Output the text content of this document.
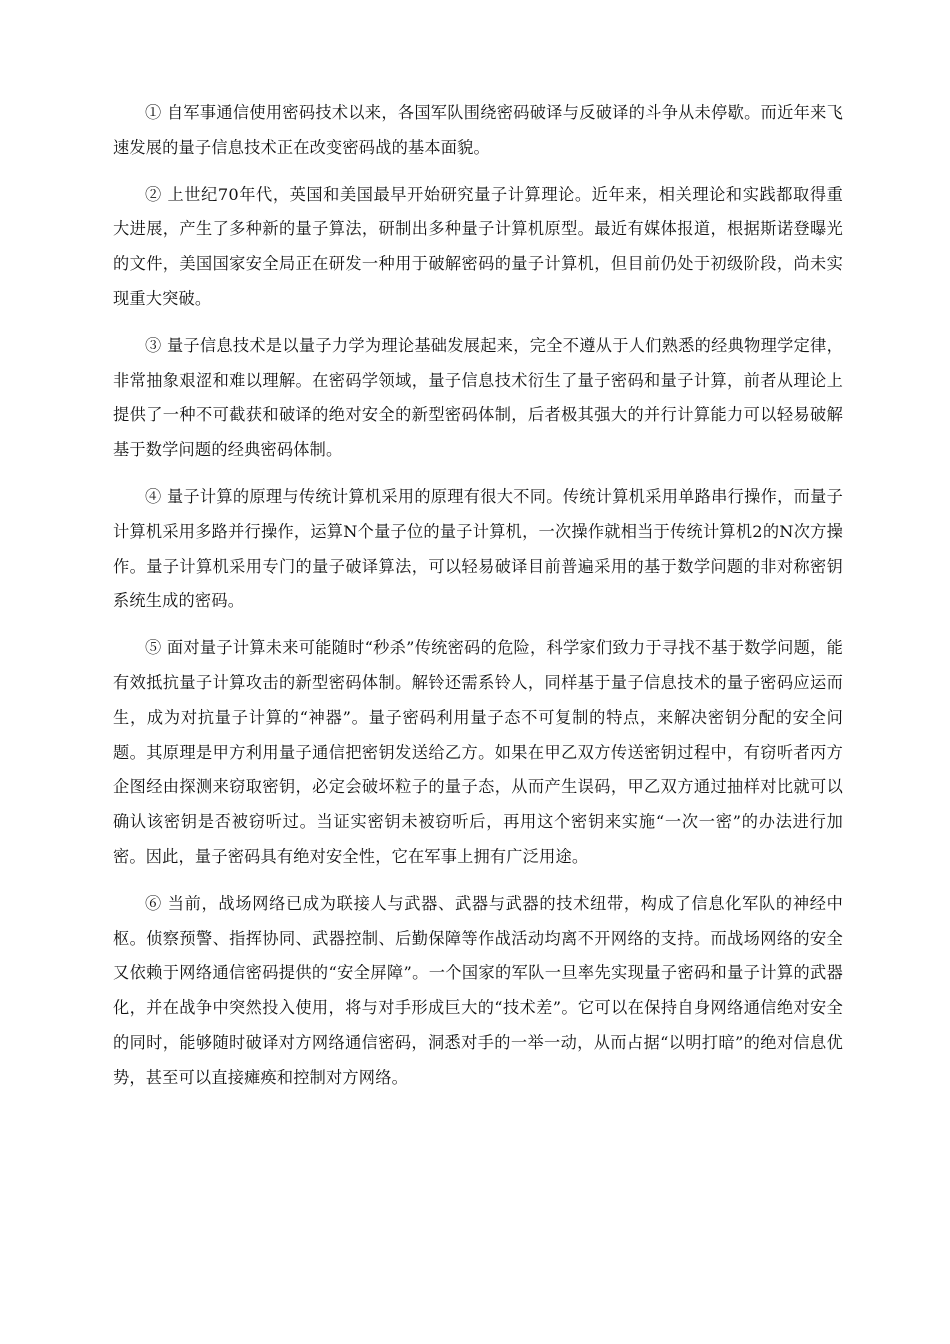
① 自军事通信使用密码技术以来，各国军队围绕密码破译与反破译的斗争从未停歇。而近年来飞速发展的量子信息技术正在改变密码战的基本面貌。

② 上世纪70年代，英国和美国最早开始研究量子计算理论。近年来，相关理论和实践都取得重大进展，产生了多种新的量子算法，研制出多种量子计算机原型。最近有媒体报道，根据斯诺登曝光的文件，美国国家安全局正在研发一种用于破解密码的量子计算机，但目前仍处于初级阶段，尚未实现重大突破。

③ 量子信息技术是以量子力学为理论基础发展起来，完全不遵从于人们熟悉的经典物理学定律，非常抽象艰涩和难以理解。在密码学领域，量子信息技术衍生了量子密码和量子计算，前者从理论上提供了一种不可截获和破译的绝对安全的新型密码体制，后者极其强大的并行计算能力可以轻易破解基于数学问题的经典密码体制。

④ 量子计算的原理与传统计算机采用的原理有很大不同。传统计算机采用单路串行操作，而量子计算机采用多路并行操作，运算N个量子位的量子计算机，一次操作就相当于传统计算机2的N次方操作。量子计算机采用专门的量子破译算法，可以轻易破译目前普遍采用的基于数学问题的非对称密钥系统生成的密码。

⑤ 面对量子计算未来可能随时“秒杀”传统密码的危险，科学家们致力于寻找不基于数学问题，能有效抵抗量子计算攻击的新型密码体制。解铃还需系铃人，同样基于量子信息技术的量子密码应运而生，成为对抗量子计算的“神器”。量子密码利用量子态不可复制的特点，来解决密钥分配的安全问题。其原理是甲方利用量子通信把密钥发送给乙方。如果在甲乙双方传送密钥过程中，有窃听者丙方企图经由探测来窃取密钥，必定会破坏粒子的量子态，从而产生误码，甲乙双方通过抽样对比就可以确认该密钥是否被窃听过。当证实密钥未被窃听后，再用这个密钥来实施“一次一密”的办法进行加密。因此，量子密码具有绝对安全性，它在军事上拥有广泛用途。

⑥ 当前，战场网络已成为联接人与武器、武器与武器的技术纽带，构成了信息化军队的神经中枢。侦察预警、指挥协同、武器控制、后勤保障等作战活动均离不开网络的支持。而战场网络的安全又依赖于网络通信密码提供的“安全屏障”。一个国家的军队一旦率先实现量子密码和量子计算的武器化，并在战争中突然投入使用，将与对手形成巨大的“技术差”。它可以在保持自身网络通信绝对安全的同时，能够随时破译对方网络通信密码，洞悉对手的一举一动，从而占据“以明打暗”的绝对信息优势，甚至可以直接瘫痪和控制对方网络。
